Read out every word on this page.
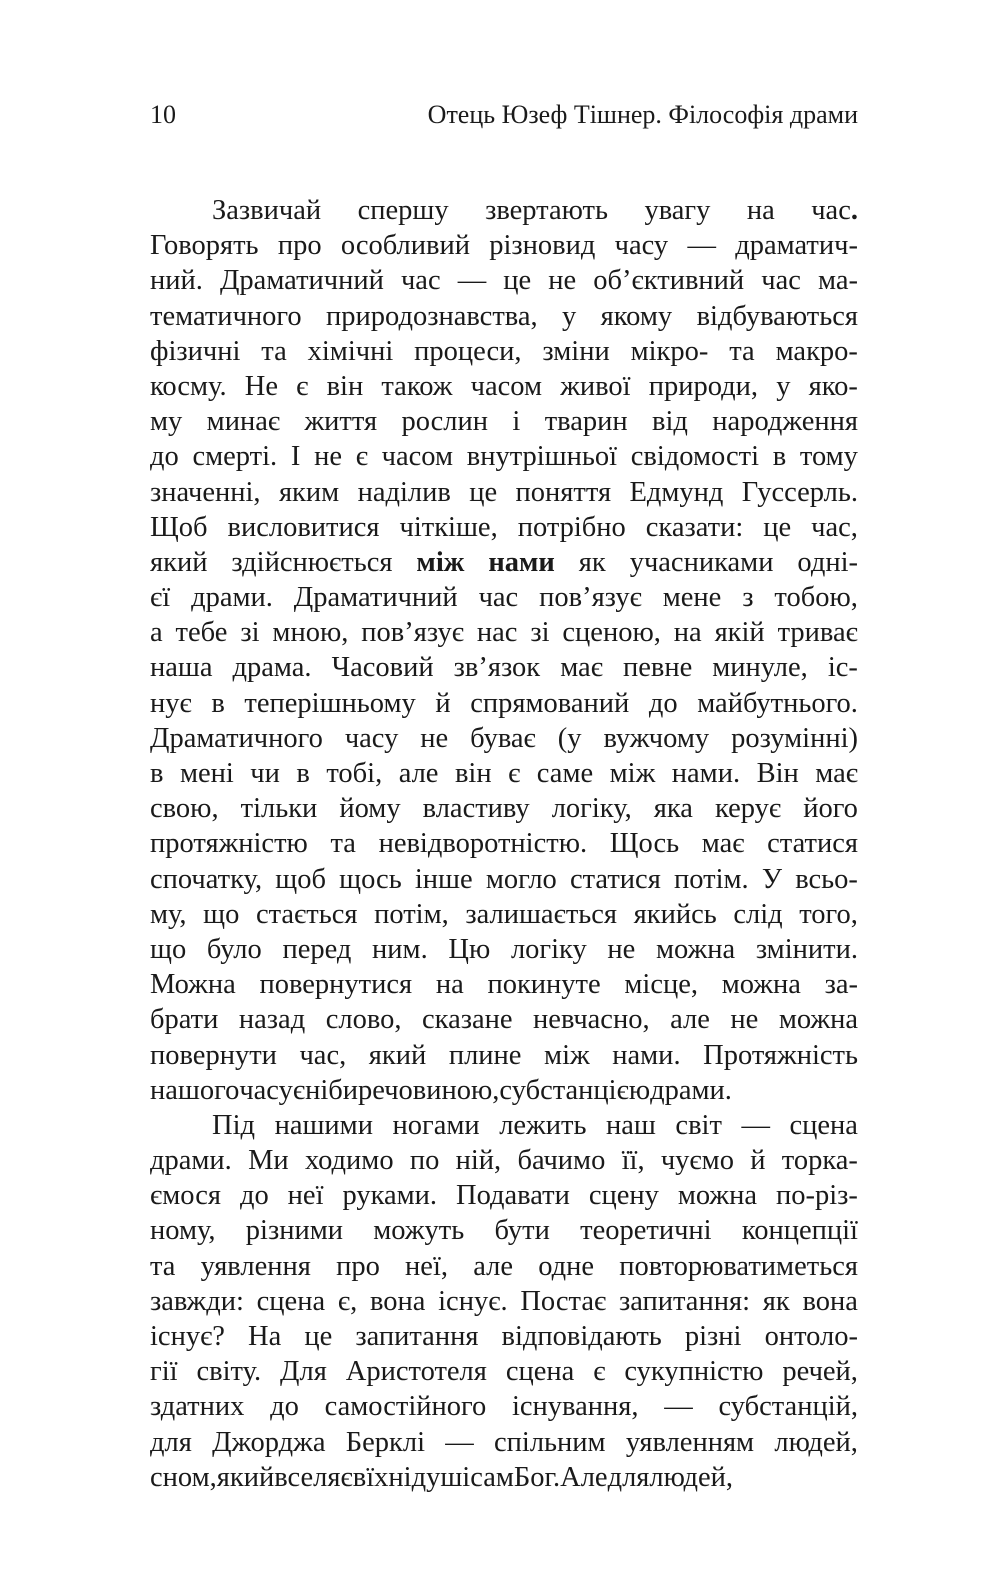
10	Отець Юзеф Тішнер. Філософія драми
Зазвичай спершу звертають увагу на час.
Говорять про особливий різновид часу — драматич-
ний. Драматичний час — це не об’єктивний час ма-
тематичного природознавства, у якому відбуваються
фізичні та хімічні процеси, зміни мікро- та макро-
косму. Не є він також часом живої природи, у яко-
му минає життя рослин і тварин від народження
до смерті. І не є часом внутрішньої свідомості в тому
значенні, яким наділив це поняття Едмунд Гуссерль.
Щоб висловитися чіткіше, потрібно сказати: це час,
який здійснюється між нами як учасниками одні-
єї драми. Драматичний час пов’язує мене з тобою,
а тебе зі мною, пов’язує нас зі сценою, на якій триває
наша драма. Часовий зв’язок має певне минуле, іс-
нує в теперішньому й спрямований до майбутнього.
Драматичного часу не буває (у вужчому розумінні)
в мені чи в тобі, але він є саме між нами. Він має
свою, тільки йому властиву логіку, яка керує його
протяжністю та невідворотністю. Щось має статися
спочатку, щоб щось інше могло статися потім. У всьо-
му, що стається потім, залишається якийсь слід того,
що було перед ним. Цю логіку не можна змінити.
Можна повернутися на покинуте місце, можна за-
брати назад слово, сказане невчасно, але не можна
повернути час, який плине між нами. Протяжність
нашого часу є ніби речовиною, субстанцією драми.
Під нашими ногами лежить наш світ — сцена
драми. Ми ходимо по ній, бачимо її, чуємо й торка-
ємося до неї руками. Подавати сцену можна по-різ-
ному, різними можуть бути теоретичні концепції
та уявлення про неї, але одне повторюватиметься
завжди: сцена є, вона існує. Постає запитання: як вона
існує? На це запитання відповідають різні онтоло-
гії світу. Для Аристотеля сцена є сукупністю речей,
здатних до самостійного існування, — субстанцій,
для Джорджа Берклі — спільним уявленням людей,
сном, який вселяє в їхні душі сам Бог. Але для людей,
